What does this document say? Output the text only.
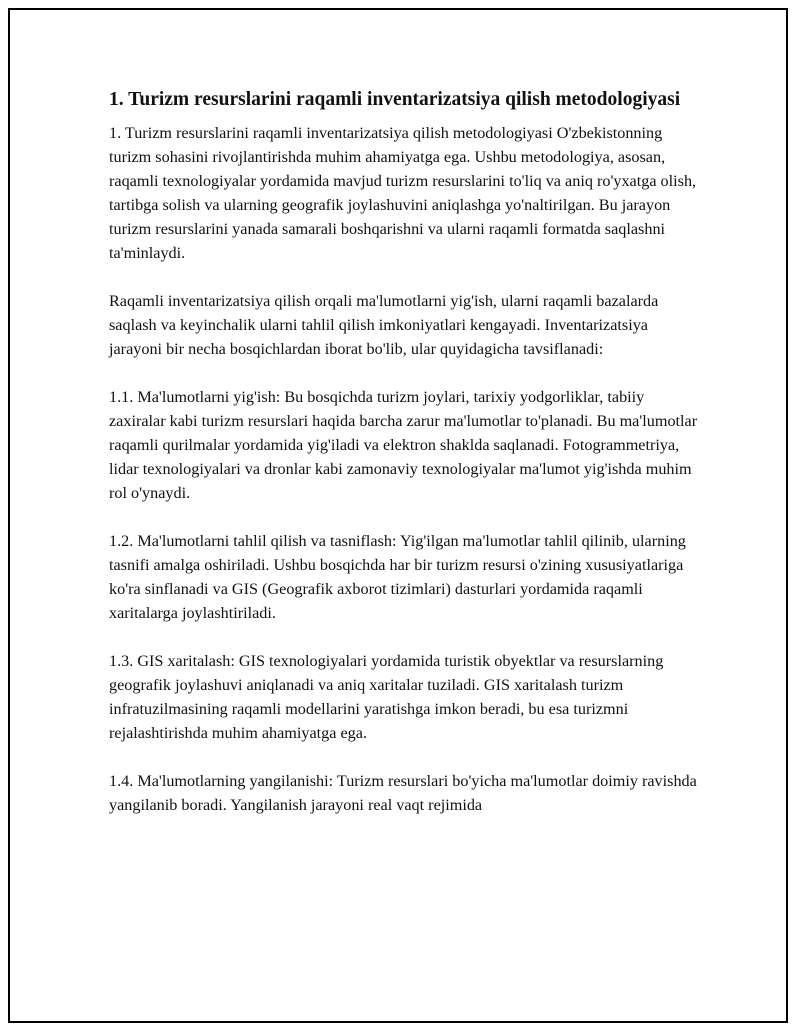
1. Turizm resurslarini raqamli inventarizatsiya qilish metodologiyasi

1. Turizm resurslarini raqamli inventarizatsiya qilish metodologiyasi O'zbekistonning turizm sohasini rivojlantirishda muhim ahamiyatga ega. Ushbu metodologiya, asosan, raqamli texnologiyalar yordamida mavjud turizm resurslarini to'liq va aniq ro'yxatga olish, tartibga solish va ularning geografik joylashuvini aniqlashga yo'naltirilgan. Bu jarayon turizm resurslarini yanada samarali boshqarishni va ularni raqamli formatda saqlashni ta'minlaydi.

Raqamli inventarizatsiya qilish orqali ma'lumotlarni yig'ish, ularni raqamli bazalarda saqlash va keyinchalik ularni tahlil qilish imkoniyatlari kengayadi. Inventarizatsiya jarayoni bir necha bosqichlardan iborat bo'lib, ular quyidagicha tavsiflanadi:

1.1. Ma'lumotlarni yig'ish: Bu bosqichda turizm joylari, tarixiy yodgorliklar, tabiiy zaxiralar kabi turizm resurslari haqida barcha zarur ma'lumotlar to'planadi. Bu ma'lumotlar raqamli qurilmalar yordamida yig'iladi va elektron shaklda saqlanadi. Fotogrammetriya, lidar texnologiyalari va dronlar kabi zamonaviy texnologiyalar ma'lumot yig'ishda muhim rol o'ynaydi.

1.2. Ma'lumotlarni tahlil qilish va tasniflash: Yig'ilgan ma'lumotlar tahlil qilinib, ularning tasnifi amalga oshiriladi. Ushbu bosqichda har bir turizm resursi o'zining xususiyatlariga ko'ra sinflanadi va GIS (Geografik axborot tizimlari) dasturlari yordamida raqamli xaritalarga joylashtiriladi.

1.3. GIS xaritalash: GIS texnologiyalari yordamida turistik obyektlar va resurslarning geografik joylashuvi aniqlanadi va aniq xaritalar tuziladi. GIS xaritalash turizm infratuzilmasining raqamli modellarini yaratishga imkon beradi, bu esa turizmni rejalashtirishda muhim ahamiyatga ega.

1.4. Ma'lumotlarning yangilanishi: Turizm resurslari bo'yicha ma'lumotlar doimiy ravishda yangilanib boradi. Yangilanish jarayoni real vaqt rejimida
